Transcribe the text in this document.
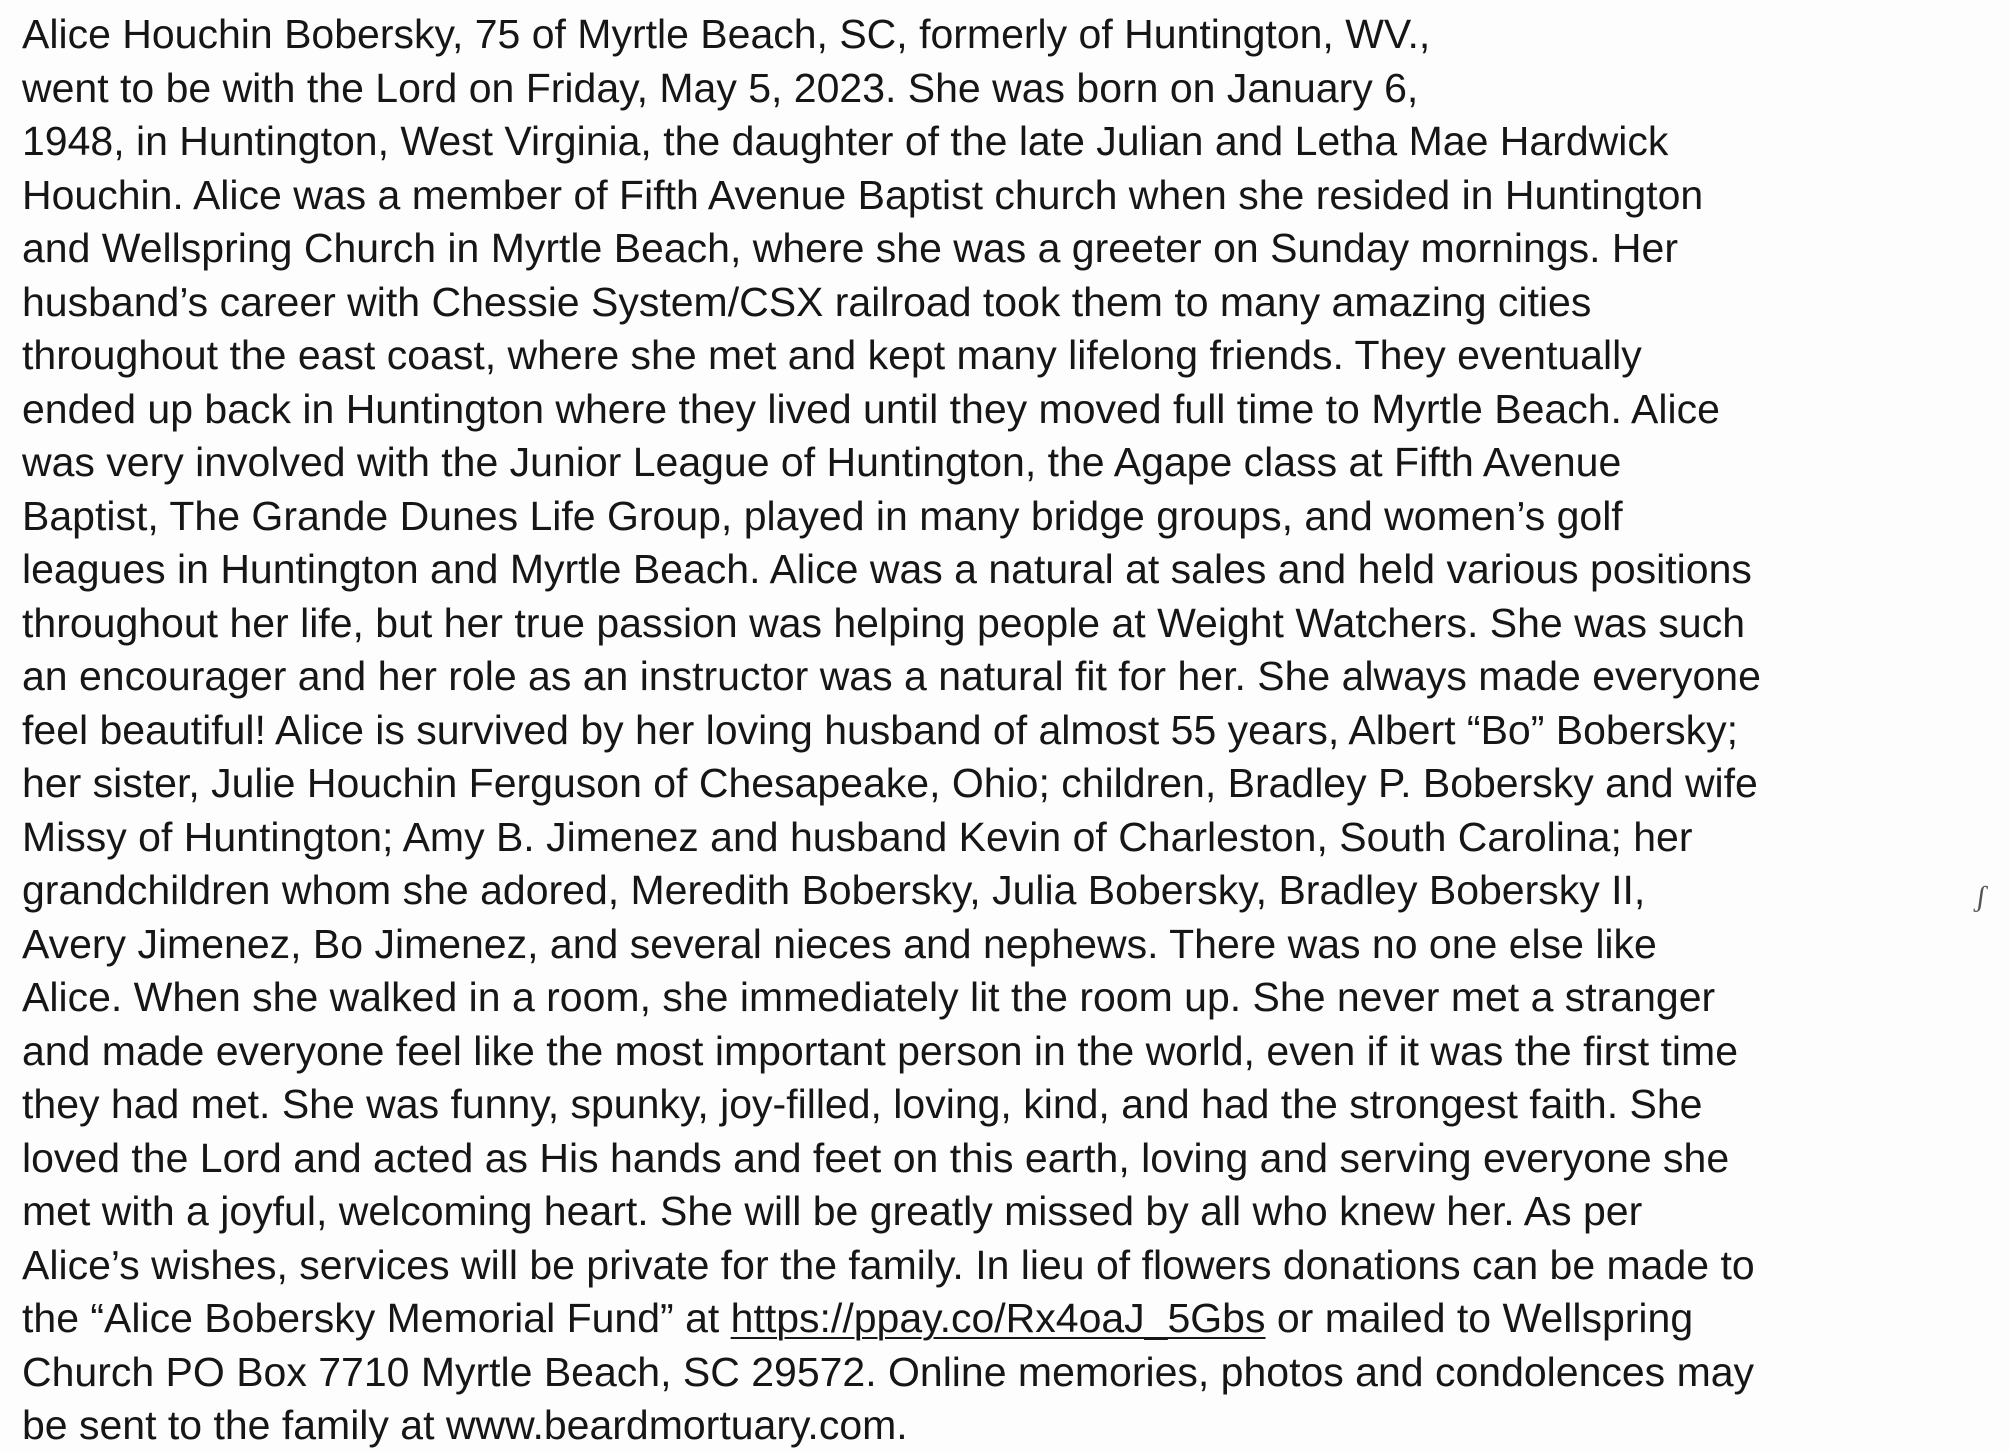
Alice Houchin Bobersky, 75 of Myrtle Beach, SC, formerly of Huntington, WV.,
went to be with the Lord on Friday, May 5, 2023. She was born on January 6,
1948, in Huntington, West Virginia, the daughter of the late Julian and Letha Mae Hardwick
Houchin. Alice was a member of Fifth Avenue Baptist church when she resided in Huntington
and Wellspring Church in Myrtle Beach, where she was a greeter on Sunday mornings. Her
husband’s career with Chessie System/CSX railroad took them to many amazing cities
throughout the east coast, where she met and kept many lifelong friends. They eventually
ended up back in Huntington where they lived until they moved full time to Myrtle Beach. Alice
was very involved with the Junior League of Huntington, the Agape class at Fifth Avenue
Baptist, The Grande Dunes Life Group, played in many bridge groups, and women’s golf
leagues in Huntington and Myrtle Beach. Alice was a natural at sales and held various positions
throughout her life, but her true passion was helping people at Weight Watchers. She was such
an encourager and her role as an instructor was a natural fit for her. She always made everyone
feel beautiful! Alice is survived by her loving husband of almost 55 years, Albert “Bo” Bobersky;
her sister, Julie Houchin Ferguson of Chesapeake, Ohio; children, Bradley P. Bobersky and wife
Missy of Huntington; Amy B. Jimenez and husband Kevin of Charleston, South Carolina; her
grandchildren whom she adored, Meredith Bobersky, Julia Bobersky, Bradley Bobersky II,
Avery Jimenez, Bo Jimenez, and several nieces and nephews. There was no one else like
Alice. When she walked in a room, she immediately lit the room up. She never met a stranger
and made everyone feel like the most important person in the world, even if it was the first time
they had met. She was funny, spunky, joy-filled, loving, kind, and had the strongest faith. She
loved the Lord and acted as His hands and feet on this earth, loving and serving everyone she
met with a joyful, welcoming heart. She will be greatly missed by all who knew her. As per
Alice’s wishes, services will be private for the family. In lieu of flowers donations can be made to
the “Alice Bobersky Memorial Fund” at https://ppay.co/Rx4oaJ_5Gbs or mailed to Wellspring
Church PO Box 7710 Myrtle Beach, SC 29572. Online memories, photos and condolences may
be sent to the family at www.beardmortuary.com.
ʃ
